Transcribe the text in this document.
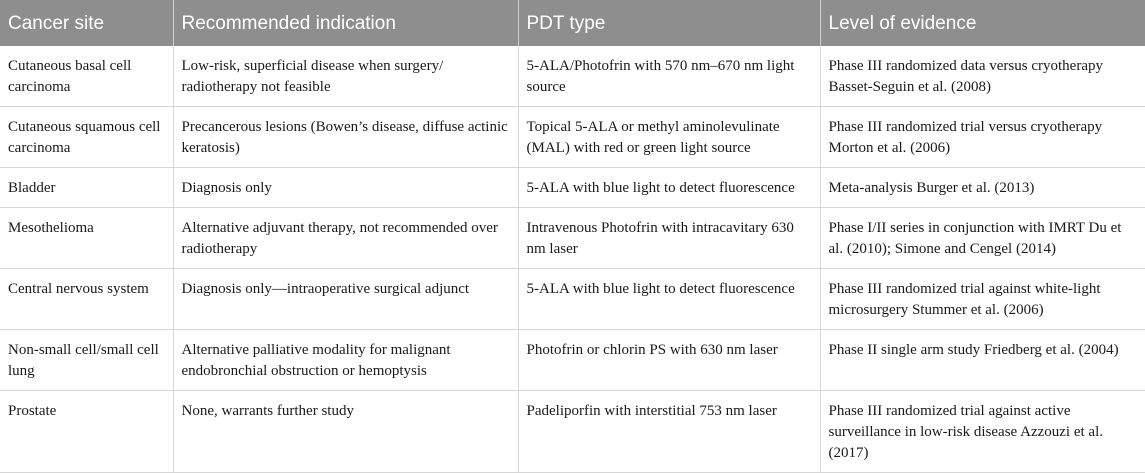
Cancer site	Recommended indication	PDT type	Level of evidence
Cutaneous basal cell carcinoma	Low-risk, superficial disease when surgery/ radiotherapy not feasible	5-ALA/Photofrin with 570 nm–670 nm light source	Phase III randomized data versus cryotherapy Basset-Seguin et al. (2008)
Cutaneous squamous cell carcinoma	Precancerous lesions (Bowen’s disease, diffuse actinic keratosis)	Topical 5-ALA or methyl aminolevulinate (MAL) with red or green light source	Phase III randomized trial versus cryotherapy Morton et al. (2006)
Bladder	Diagnosis only	5-ALA with blue light to detect fluorescence	Meta-analysis Burger et al. (2013)
Mesothelioma	Alternative adjuvant therapy, not recommended over radiotherapy	Intravenous Photofrin with intracavitary 630 nm laser	Phase I/II series in conjunction with IMRT Du et al. (2010); Simone and Cengel (2014)
Central nervous system	Diagnosis only—intraoperative surgical adjunct	5-ALA with blue light to detect fluorescence	Phase III randomized trial against white-light microsurgery Stummer et al. (2006)
Non-small cell/small cell lung	Alternative palliative modality for malignant endobronchial obstruction or hemoptysis	Photofrin or chlorin PS with 630 nm laser	Phase II single arm study Friedberg et al. (2004)
Prostate	None, warrants further study	Padeliporfin with interstitial 753 nm laser	Phase III randomized trial against active surveillance in low-risk disease Azzouzi et al. (2017)
